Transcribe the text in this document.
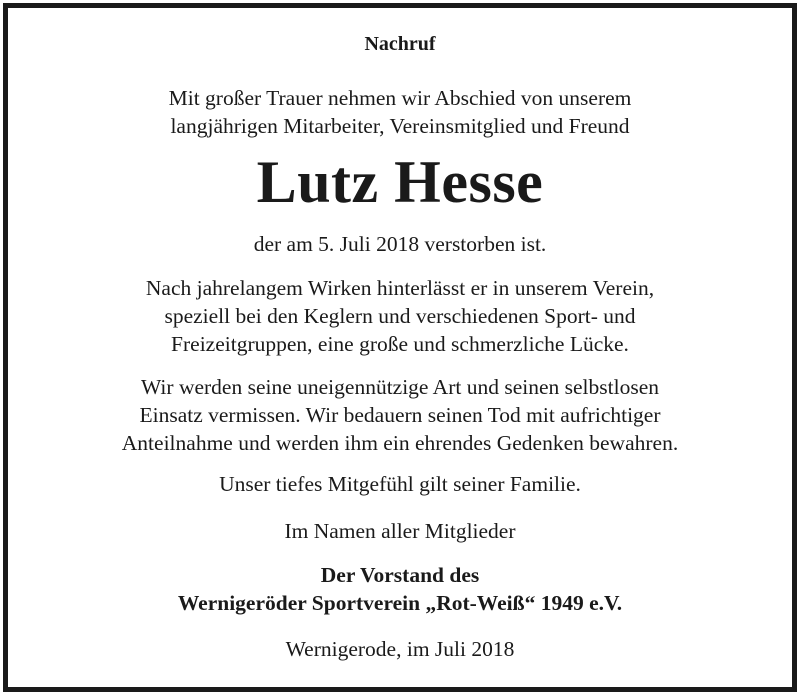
Nachruf
Mit großer Trauer nehmen wir Abschied von unserem
langjährigen Mitarbeiter, Vereinsmitglied und Freund
Lutz Hesse
der am 5. Juli 2018 verstorben ist.
Nach jahrelangem Wirken hinterlässt er in unserem Verein,
speziell bei den Keglern und verschiedenen Sport- und
Freizeitgruppen, eine große und schmerzliche Lücke.
Wir werden seine uneigennützige Art und seinen selbstlosen
Einsatz vermissen. Wir bedauern seinen Tod mit aufrichtiger
Anteilnahme und werden ihm ein ehrendes Gedenken bewahren.
Unser tiefes Mitgefühl gilt seiner Familie.
Im Namen aller Mitglieder
Der Vorstand des
Wernigeröder Sportverein „Rot-Weiß“ 1949 e.V.
Wernigerode, im Juli 2018
